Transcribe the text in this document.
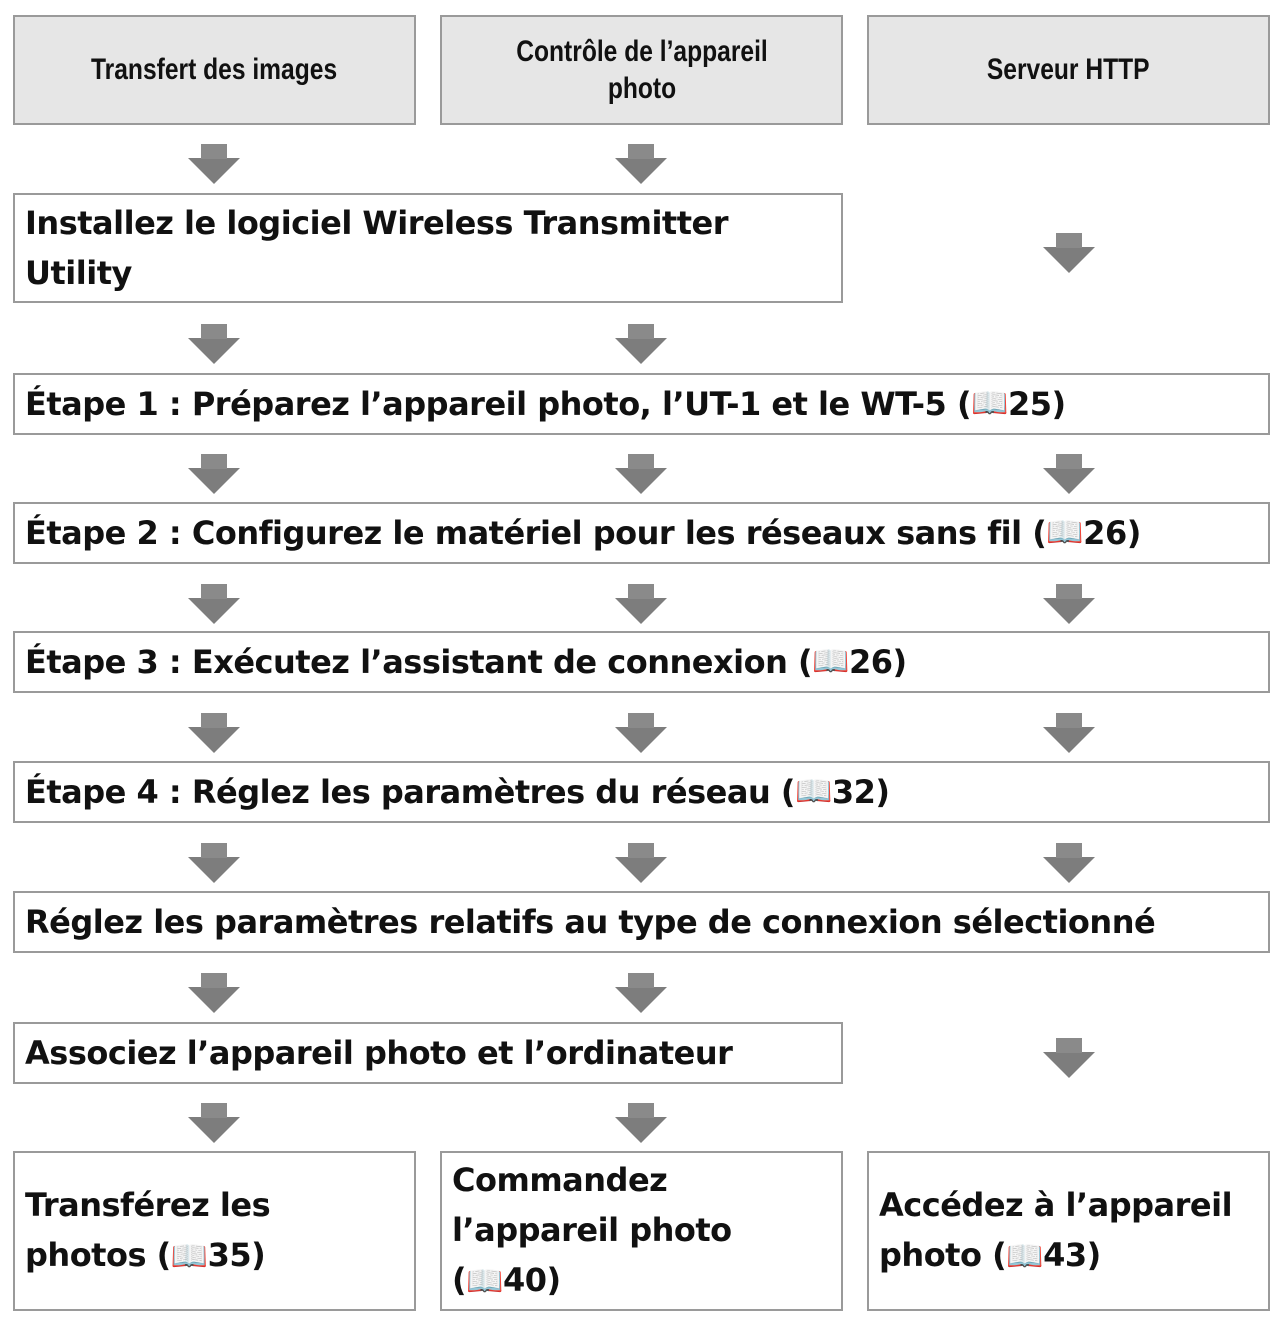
Transfert des images
Contrôle de l’appareil photo
Serveur HTTP
Installez le logiciel Wireless Transmitter Utility
Étape 1 : Préparez l’appareil photo, l’UT-1 et le WT-5 ( 📖 25)
Étape 2 : Configurez le matériel pour les réseaux sans fil ( 📖 26)
Étape 3 : Exécutez l’assistant de connexion ( 📖 26)
Étape 4 : Réglez les paramètres du réseau ( 📖 32)
Réglez les paramètres relatifs au type de connexion sélectionné
Associez l’appareil photo et l’ordinateur
Transférez les
photos (📖35)
Commandez
l’appareil photo
(📖40)
Accédez à l’appareil
photo (📖43)
